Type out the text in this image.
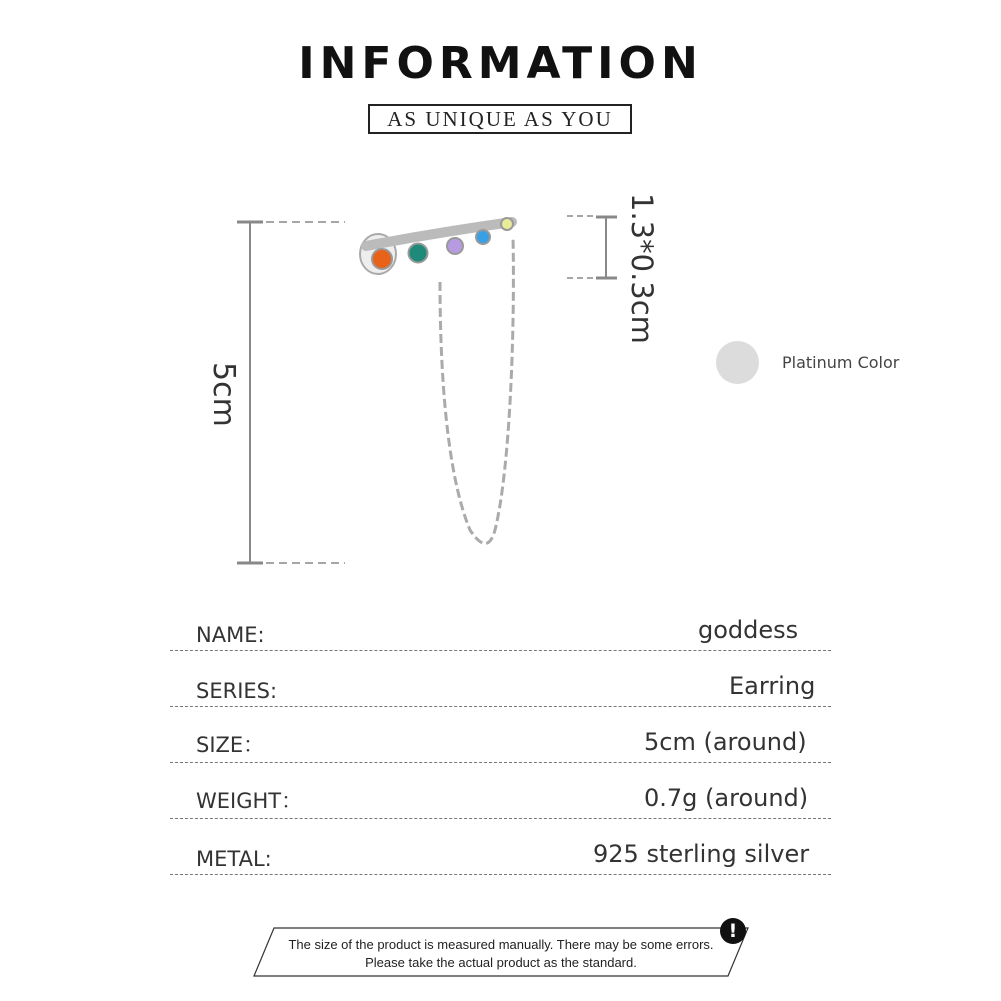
INFORMATION
AS UNIQUE AS YOU
5cm
1.3*0.3cm
Platinum Color
NAME:	goddess
SERIES:	Earring
SIZE：	5cm (around)
WEIGHT：	0.7g (around)
METAL:	925 sterling silver
The size of the product is measured manually. There may be some errors.
Please take the actual product as the standard.
!
